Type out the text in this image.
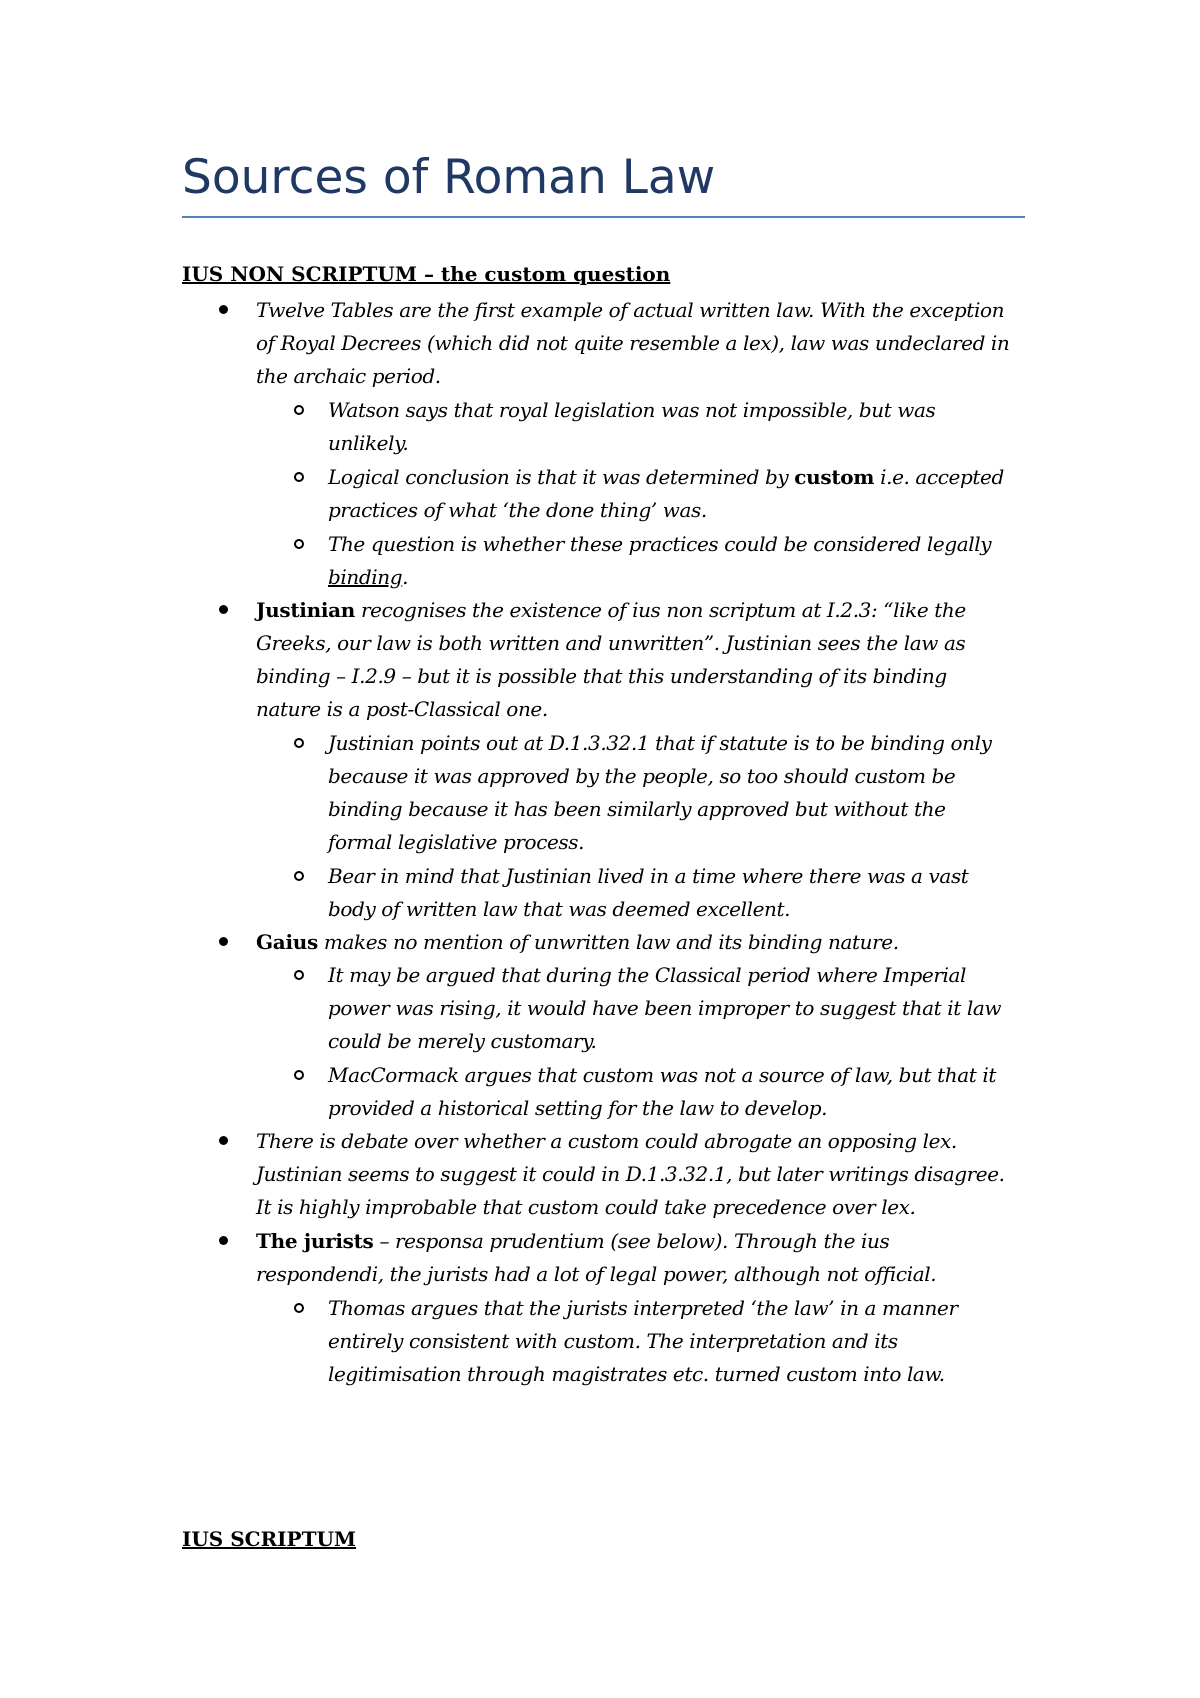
Sources of Roman Law
IUS NON SCRIPTUM – the custom question
Twelve Tables are the first example of actual written law. With the exception
of Royal Decrees (which did not quite resemble a lex), law was undeclared in
the archaic period.
Watson says that royal legislation was not impossible, but was
unlikely.
Logical conclusion is that it was determined by custom i.e. accepted
practices of what ‘the done thing’ was.
The question is whether these practices could be considered legally
binding.
Justinian recognises the existence of ius non scriptum at I.2.3: “like the
Greeks, our law is both written and unwritten”. Justinian sees the law as
binding – I.2.9 – but it is possible that this understanding of its binding
nature is a post-Classical one.
Justinian points out at D.1.3.32.1 that if statute is to be binding only
because it was approved by the people, so too should custom be
binding because it has been similarly approved but without the
formal legislative process.
Bear in mind that Justinian lived in a time where there was a vast
body of written law that was deemed excellent.
Gaius makes no mention of unwritten law and its binding nature.
It may be argued that during the Classical period where Imperial
power was rising, it would have been improper to suggest that it law
could be merely customary.
MacCormack argues that custom was not a source of law, but that it
provided a historical setting for the law to develop.
There is debate over whether a custom could abrogate an opposing lex.
Justinian seems to suggest it could in D.1.3.32.1, but later writings disagree.
It is highly improbable that custom could take precedence over lex.
The jurists – responsa prudentium (see below). Through the ius
respondendi, the jurists had a lot of legal power, although not official.
Thomas argues that the jurists interpreted ‘the law’ in a manner
entirely consistent with custom. The interpretation and its
legitimisation through magistrates etc. turned custom into law.
IUS SCRIPTUM
